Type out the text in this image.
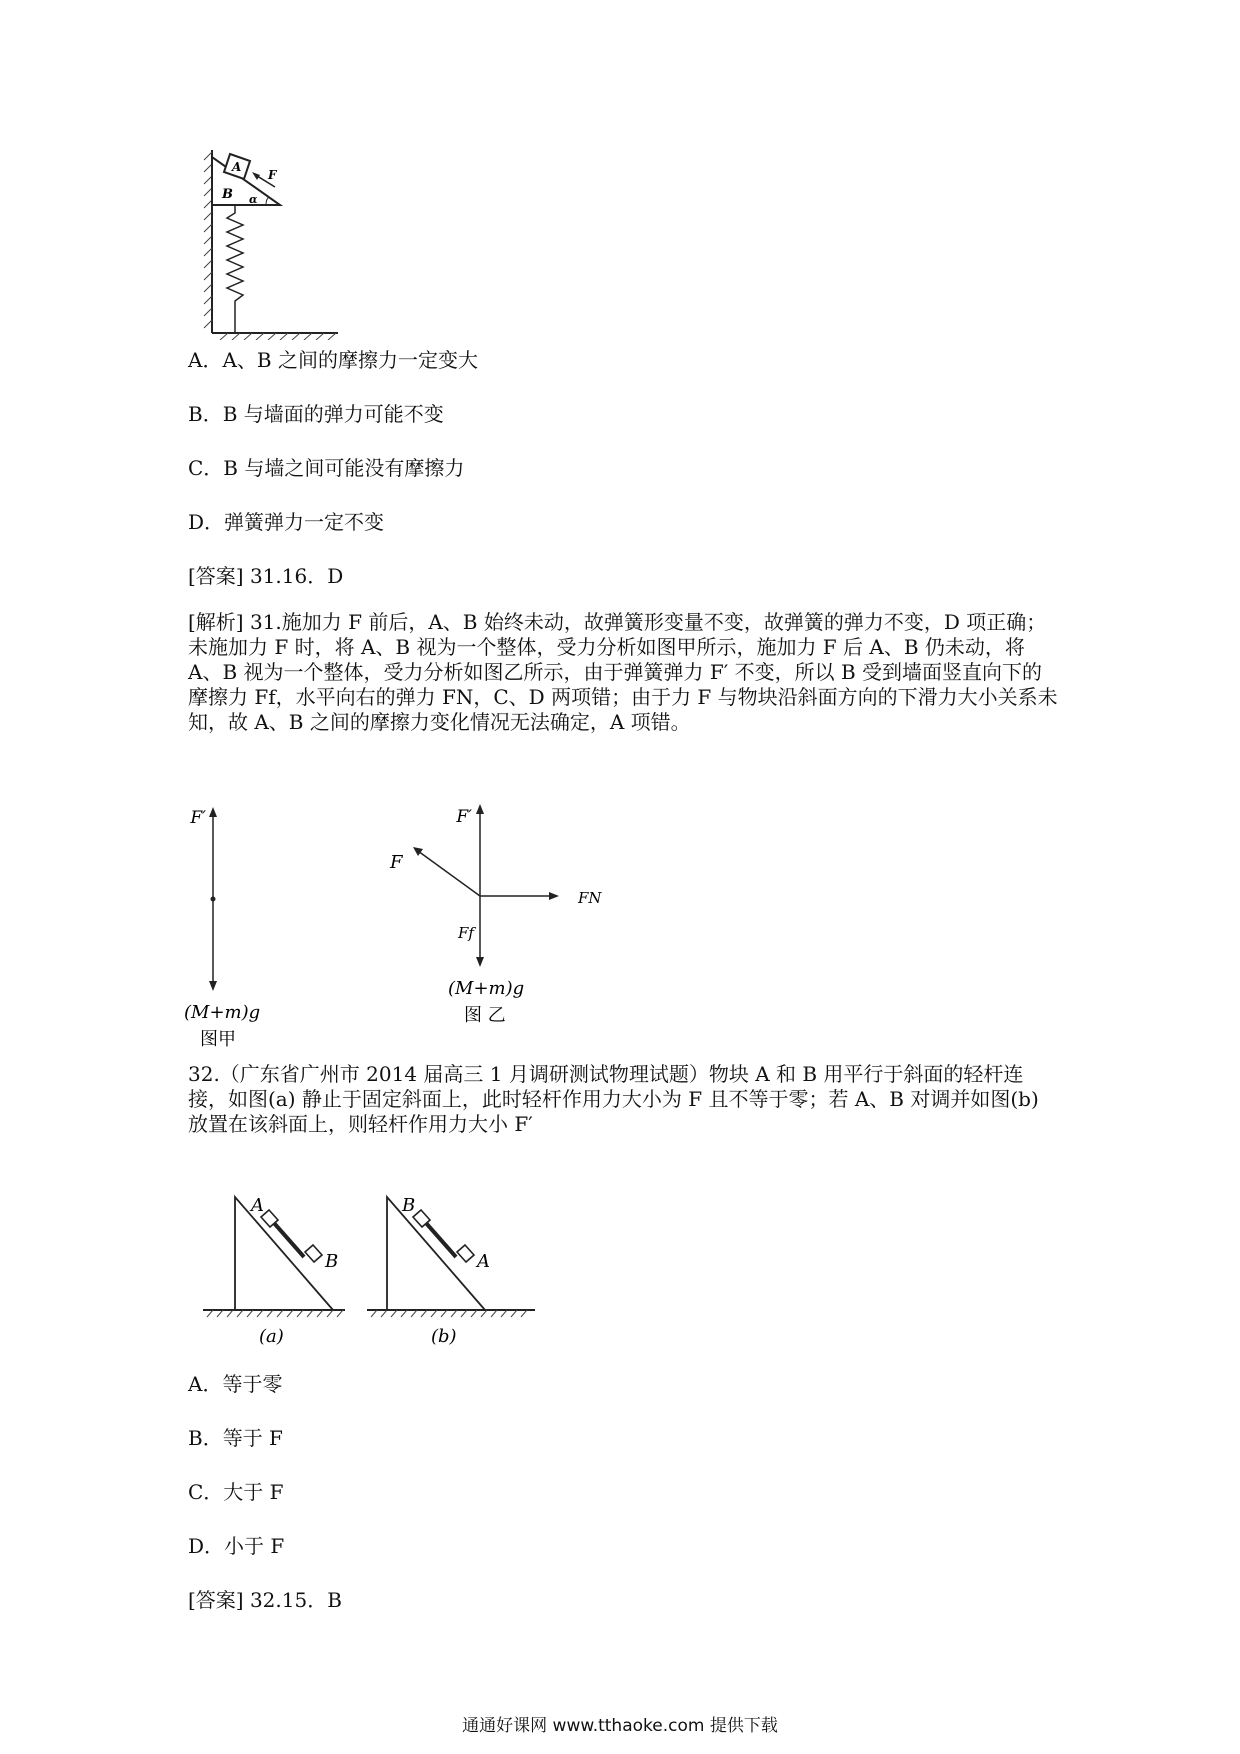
A
B
F
α
A．A、B 之间的摩擦力一定变大
B．B 与墙面的弹力可能不变
C．B 与墙之间可能没有摩擦力
D．弹簧弹力一定不变
[答案] 31.16．D
[解析] 31.施加力 F 前后，A、B 始终未动，故弹簧形变量不变，故弹簧的弹力不变，D 项正确；未施加力 F 时，将 A、B 视为一个整体，受力分析如图甲所示，施加力 F 后 A、B 仍未动，将 A、B 视为一个整体，受力分析如图乙所示，由于弹簧弹力 F′ 不变，所以 B 受到墙面竖直向下的摩擦力 Ff，水平向右的弹力 FN，C、D 两项错；由于力 F 与物块沿斜面方向的下滑力大小关系未知，故 A、B 之间的摩擦力变化情况无法确定，A 项错。
F′
(M+m)g
图甲
F′
F
FN
Ff
(M+m)g
图 乙
32.（广东省广州市 2014 届高三 1 月调研测试物理试题）物块 A 和 B 用平行于斜面的轻杆连接，如图(a) 静止于固定斜面上，此时轻杆作用力大小为 F 且不等于零；若 A、B 对调并如图(b) 放置在该斜面上，则轻杆作用力大小 F′
A
B
(a)
B
A
(b)
A．等于零
B．等于 F
C．大于 F
D．小于 F
[答案] 32.15．B
通通好课网 www.tthaoke.com 提供下载
